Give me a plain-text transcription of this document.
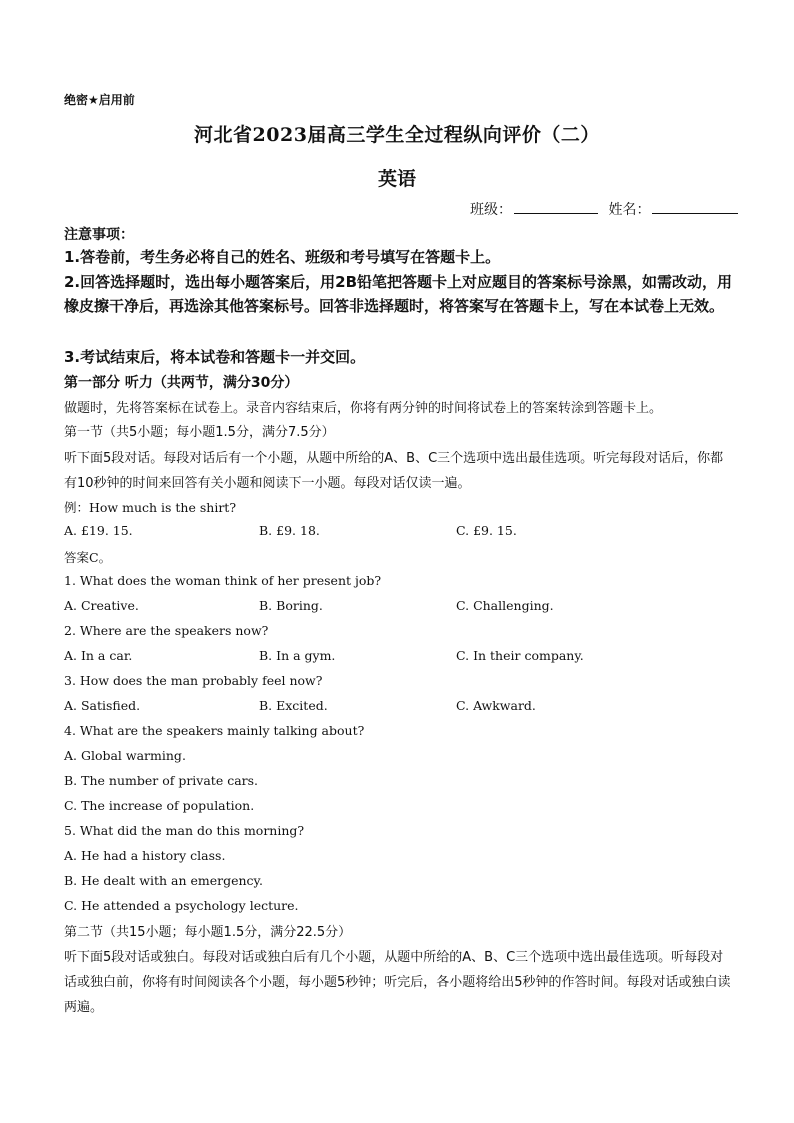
绝密★启用前
河北省2023届高三学生全过程纵向评价（二）
英语
班级：	姓名：
注意事项：
1.答卷前，考生务必将自己的姓名、班级和考号填写在答题卡上。
2.回答选择题时，选出每小题答案后，用2B铅笔把答题卡上对应题目的答案标号涂黑，如需改动，用橡皮擦干净后，再选涂其他答案标号。回答非选择题时，将答案写在答题卡上，写在本试卷上无效。
3.考试结束后，将本试卷和答题卡一并交回。
第一部分 听力（共两节，满分30分）
做题时，先将答案标在试卷上。录音内容结束后，你将有两分钟的时间将试卷上的答案转涂到答题卡上。
第一节（共5小题；每小题1.5分，满分7.5分）
听下面5段对话。每段对话后有一个小题，从题中所给的A、B、C三个选项中选出最佳选项。听完每段对话后，你都有10秒钟的时间来回答有关小题和阅读下一小题。每段对话仅读一遍。
例：How much is the shirt?
A. £19. 15.	B. £9. 18.	C. £9. 15.
答案C。
1. What does the woman think of her present job?
A. Creative.	B. Boring.	C. Challenging.
2. Where are the speakers now?
A. In a car.	B. In a gym.	C. In their company.
3. How does the man probably feel now?
A. Satisfied.	B. Excited.	C. Awkward.
4. What are the speakers mainly talking about?
A. Global warming.
B. The number of private cars.
C. The increase of population.
5. What did the man do this morning?
A. He had a history class.
B. He dealt with an emergency.
C. He attended a psychology lecture.
第二节（共15小题；每小题1.5分，满分22.5分）
听下面5段对话或独白。每段对话或独白后有几个小题，从题中所给的A、B、C三个选项中选出最佳选项。听每段对话或独白前，你将有时间阅读各个小题，每小题5秒钟；听完后，各小题将给出5秒钟的作答时间。每段对话或独白读两遍。
